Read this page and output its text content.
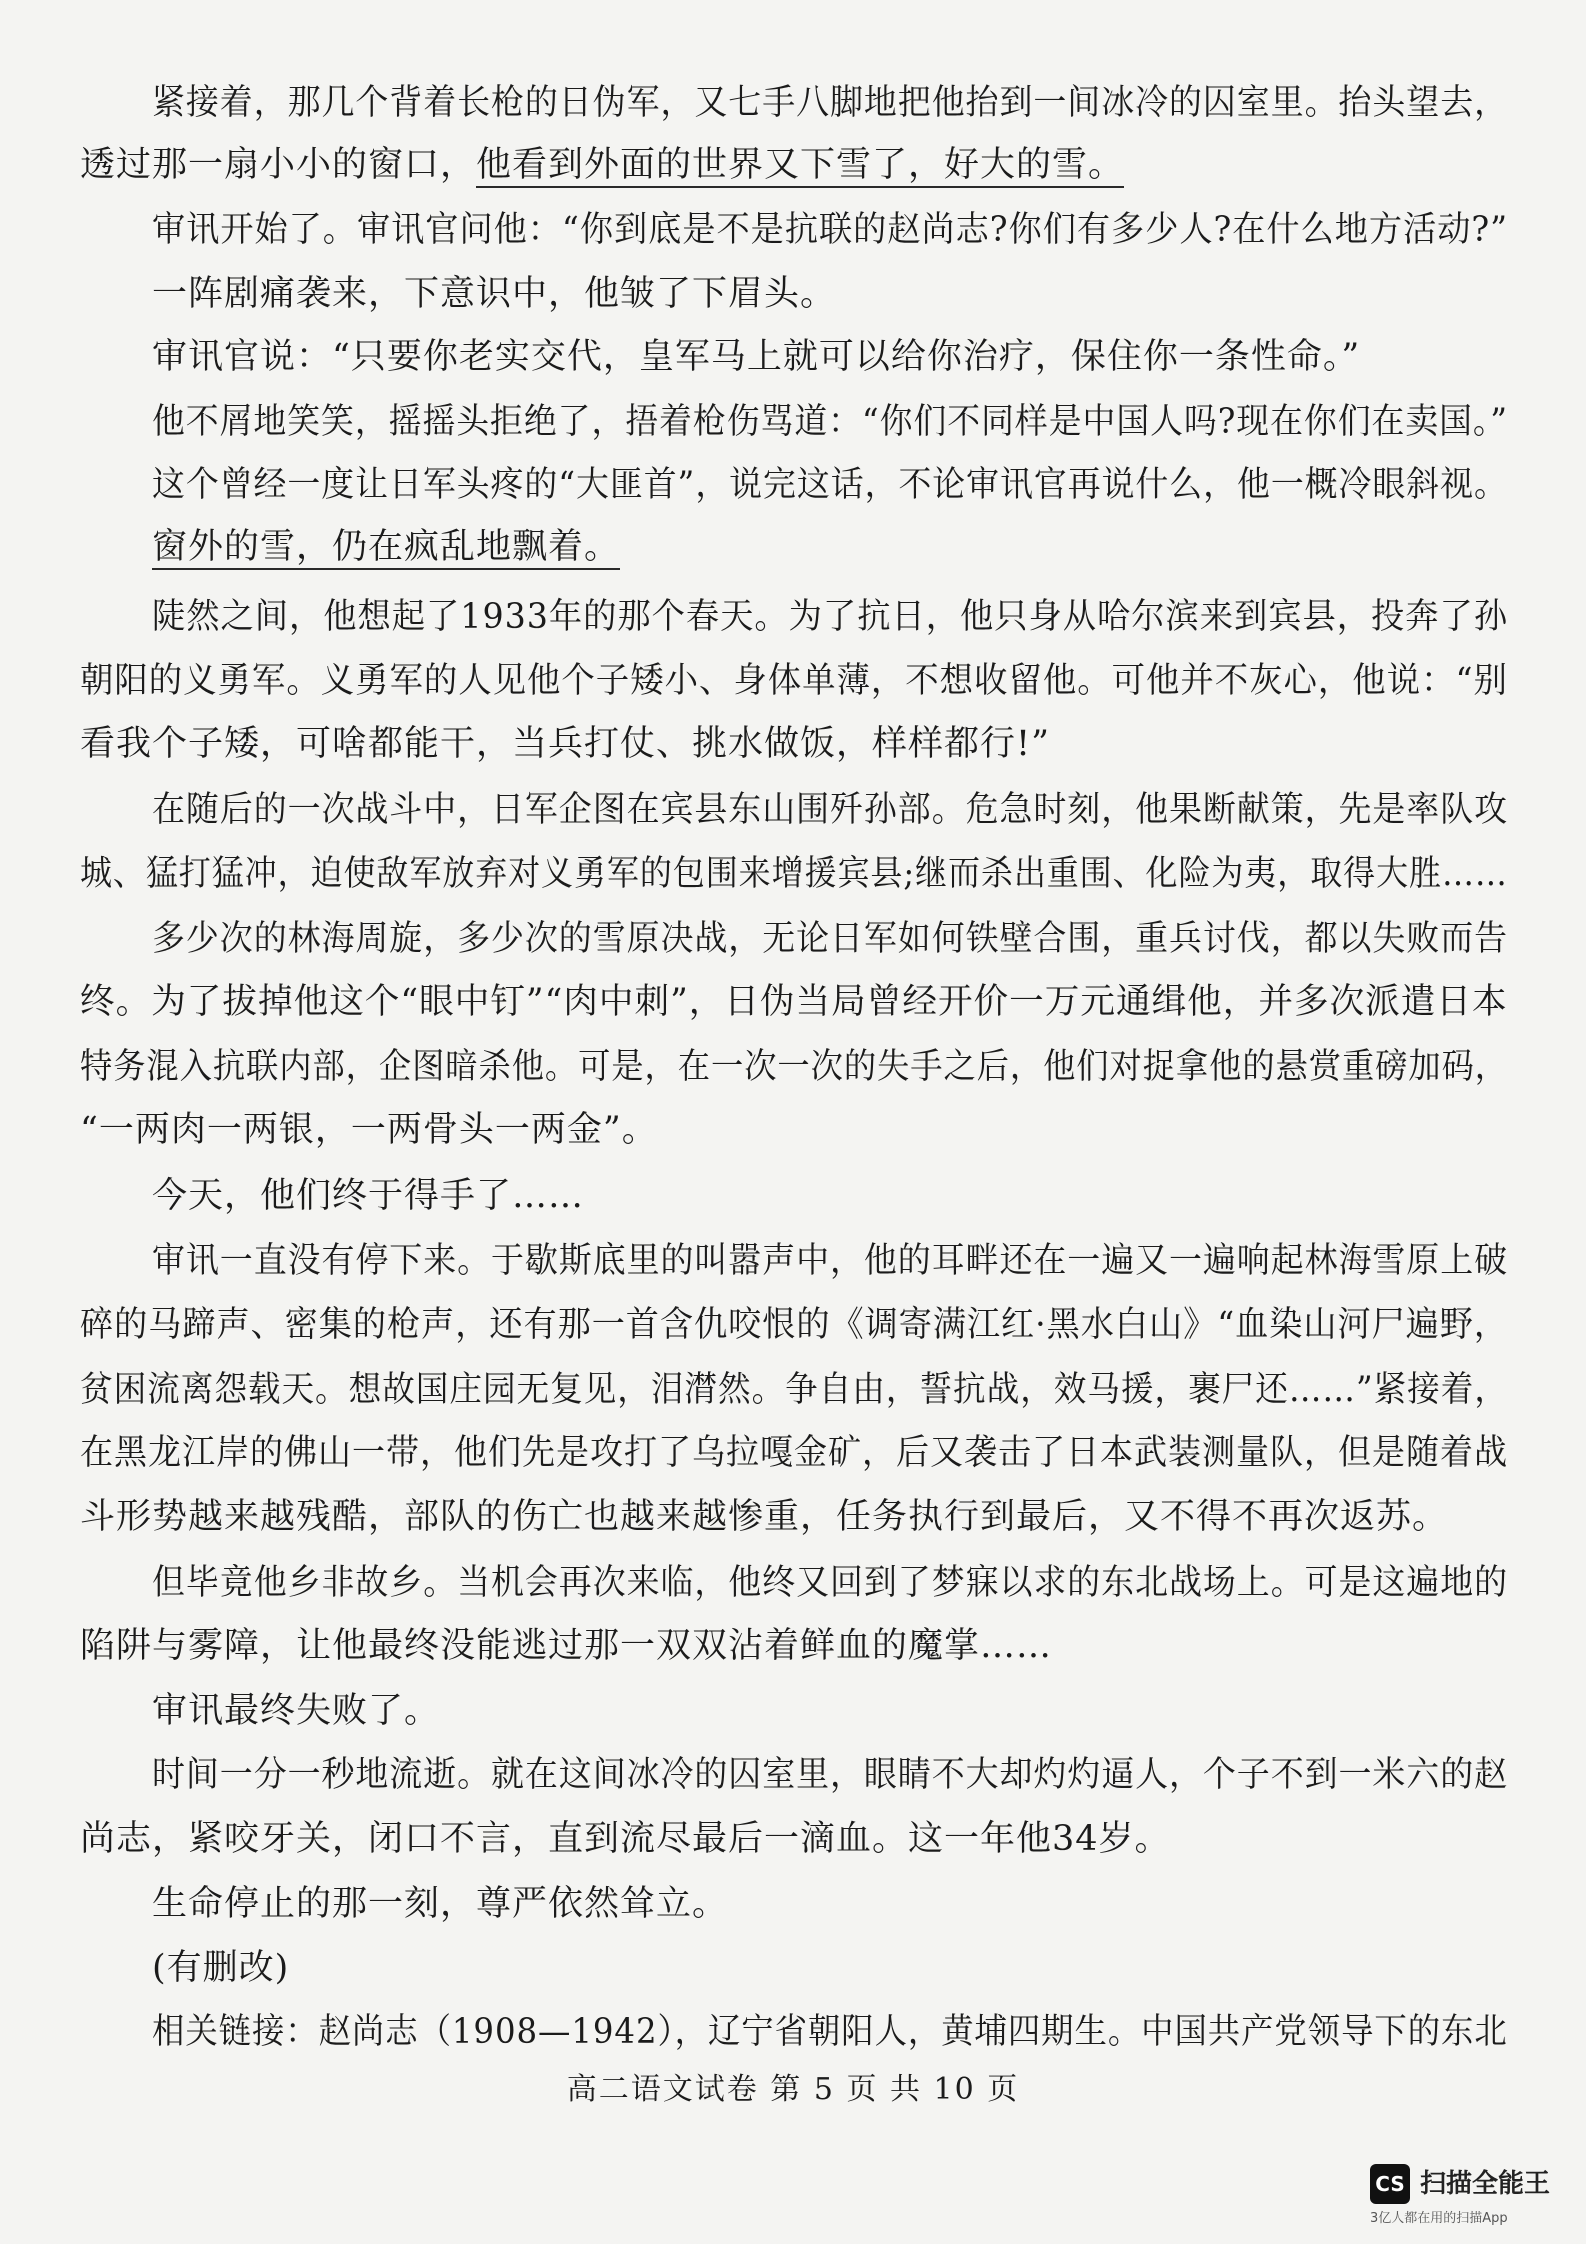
紧接着，那几个背着长枪的日伪军，又七手八脚地把他抬到一间冰冷的囚室里。抬头望去，
透过那一扇小小的窗口，他看到外面的世界又下雪了，好大的雪。
审讯开始了。审讯官问他：“你到底是不是抗联的赵尚志?你们有多少人?在什么地方活动?”
一阵剧痛袭来，下意识中，他皱了下眉头。
审讯官说：“只要你老实交代，皇军马上就可以给你治疗，保住你一条性命。”
他不屑地笑笑，摇摇头拒绝了，捂着枪伤骂道：“你们不同样是中国人吗?现在你们在卖国。”
这个曾经一度让日军头疼的“大匪首”，说完这话，不论审讯官再说什么，他一概冷眼斜视。
窗外的雪，仍在疯乱地飘着。
陡然之间，他想起了1933年的那个春天。为了抗日，他只身从哈尔滨来到宾县，投奔了孙
朝阳的义勇军。义勇军的人见他个子矮小、身体单薄，不想收留他。可他并不灰心，他说：“别
看我个子矮，可啥都能干，当兵打仗、挑水做饭，样样都行!”
在随后的一次战斗中，日军企图在宾县东山围歼孙部。危急时刻，他果断献策，先是率队攻
城、猛打猛冲，迫使敌军放弃对义勇军的包围来增援宾县;继而杀出重围、化险为夷，取得大胜……
多少次的林海周旋，多少次的雪原决战，无论日军如何铁壁合围，重兵讨伐，都以失败而告
终。为了拔掉他这个“眼中钉”“肉中刺”，日伪当局曾经开价一万元通缉他，并多次派遣日本
特务混入抗联内部，企图暗杀他。可是，在一次一次的失手之后，他们对捉拿他的悬赏重磅加码，
“一两肉一两银，一两骨头一两金”。
今天，他们终于得手了……
审讯一直没有停下来。于歇斯底里的叫嚣声中，他的耳畔还在一遍又一遍响起林海雪原上破
碎的马蹄声、密集的枪声，还有那一首含仇咬恨的《调寄满江红·黑水白山》“血染山河尸遍野，
贫困流离怨载天。想故国庄园无复见，泪潸然。争自由，誓抗战，效马援，裹尸还……”紧接着，
在黑龙江岸的佛山一带，他们先是攻打了乌拉嘎金矿，后又袭击了日本武装测量队，但是随着战
斗形势越来越残酷，部队的伤亡也越来越惨重，任务执行到最后，又不得不再次返苏。
但毕竟他乡非故乡。当机会再次来临，他终又回到了梦寐以求的东北战场上。可是这遍地的
陷阱与雾障，让他最终没能逃过那一双双沾着鲜血的魔掌……
审讯最终失败了。
时间一分一秒地流逝。就在这间冰冷的囚室里，眼睛不大却灼灼逼人，个子不到一米六的赵
尚志，紧咬牙关，闭口不言，直到流尽最后一滴血。这一年他34岁。
生命停止的那一刻，尊严依然耸立。
(有删改)
相关链接：赵尚志（1908—1942），辽宁省朝阳人，黄埔四期生。中国共产党领导下的东北
高二语文试卷 第 5 页 共 10 页
CS 扫描全能王
3亿人都在用的扫描App
